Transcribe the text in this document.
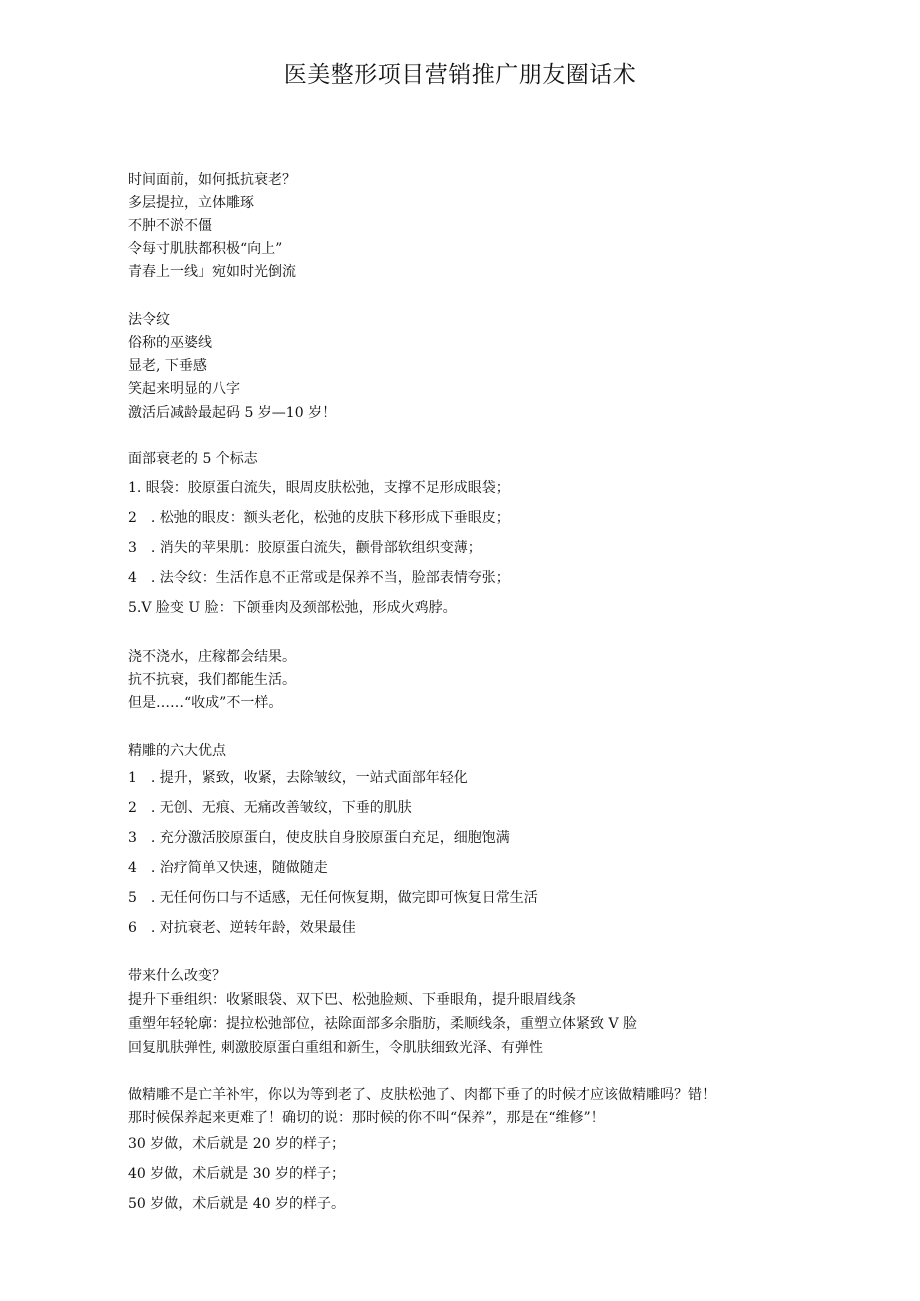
医美整形项目营销推广朋友圈话术
时间面前，如何抵抗衰老？
多层提拉，立体雕琢
不肿不淤不僵
令每寸肌肤都积极“向上”
青春上一线」宛如时光倒流
法令纹
俗称的巫婆线
显老, 下垂感
笑起来明显的八字
激活后减龄最起码 5 岁—10 岁！
面部衰老的 5 个标志
1. 眼袋：胶原蛋白流失，眼周皮肤松弛，支撑不足形成眼袋；
2　. 松弛的眼皮：额头老化，松弛的皮肤下移形成下垂眼皮；
3　. 消失的苹果肌：胶原蛋白流失，颧骨部软组织变薄；
4　. 法令纹：生活作息不正常或是保养不当，脸部表情夸张；
5.V 脸变 U 脸：下颌垂肉及颈部松弛，形成火鸡脖。
浇不浇水，庄稼都会结果。
抗不抗衰，我们都能生活。
但是……“收成”不一样。
精雕的六大优点
1　. 提升，紧致，收紧，去除皱纹，一站式面部年轻化
2　. 无创、无痕、无痛改善皱纹，下垂的肌肤
3　. 充分激活胶原蛋白，使皮肤自身胶原蛋白充足，细胞饱满
4　. 治疗简单又快速，随做随走
5　. 无任何伤口与不适感，无任何恢复期，做完即可恢复日常生活
6　. 对抗衰老、逆转年龄，效果最佳
带来什么改变？
提升下垂组织：收紧眼袋、双下巴、松弛脸颊、下垂眼角，提升眼眉线条
重塑年轻轮廓：提拉松弛部位，祛除面部多余脂肪，柔顺线条，重塑立体紧致 V 脸
回复肌肤弹性, 刺激胶原蛋白重组和新生，令肌肤细致光泽、有弹性
做精雕不是亡羊补牢，你以为等到老了、皮肤松弛了、肉都下垂了的时候才应该做精雕吗？错！
那时候保养起来更难了！确切的说：那时候的你不叫“保养”，那是在“维修”！
30 岁做，术后就是 20 岁的样子；
40 岁做，术后就是 30 岁的样子；
50 岁做，术后就是 40 岁的样子。
